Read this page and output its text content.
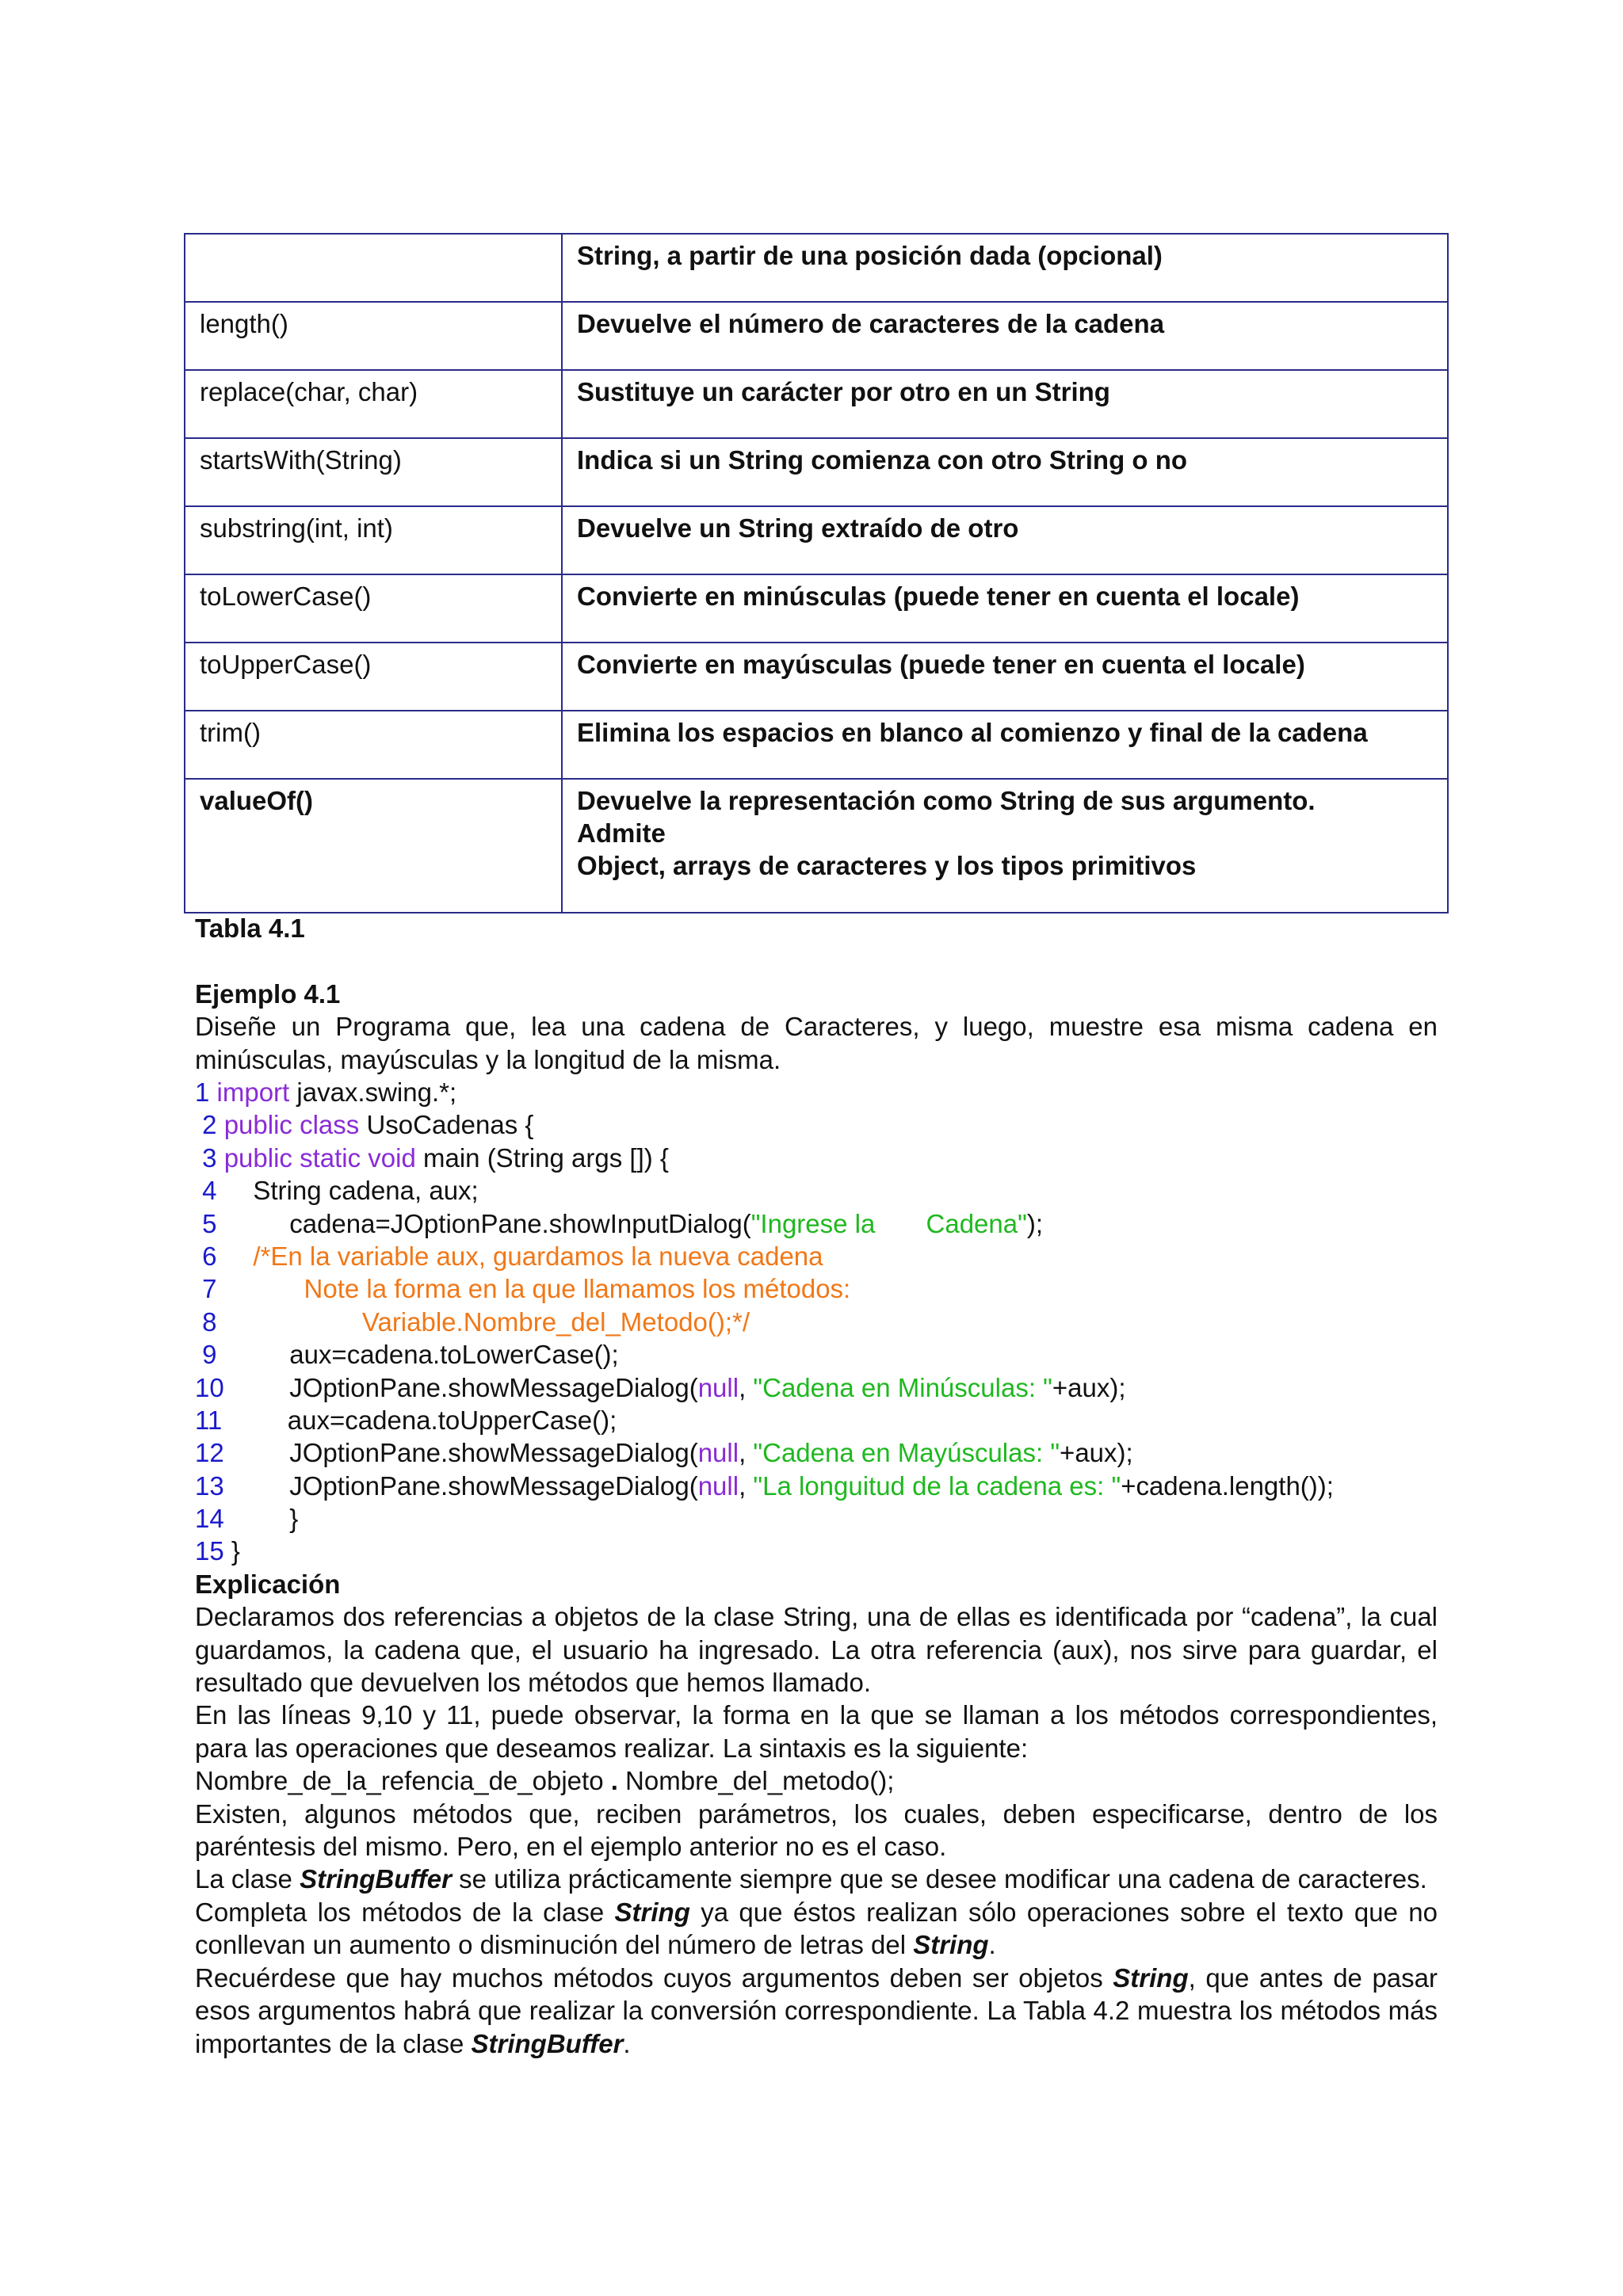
	String, a partir de una posición dada (opcional)

length()	Devuelve el número de caracteres de la cadena

replace(char, char)	Sustituye un carácter por otro en un String

startsWith(String)	Indica si un String comienza con otro String o no

substring(int, int)	Devuelve un String extraído de otro

toLowerCase()	Convierte en minúsculas (puede tener en cuenta el locale)

toUpperCase()	Convierte en mayúsculas (puede tener en cuenta el locale)

trim()	Elimina los espacios en blanco al comienzo y final de la cadena

valueOf()	Devuelve la representación como String de sus argumento.
Admite
Object, arrays de caracteres y los tipos primitivos
Tabla 4.1
Ejemplo 4.1
Diseñe un Programa que, lea una cadena de Caracteres, y luego, muestre esa misma cadena en minúsculas, mayúsculas y la longitud de la misma.
1 import javax.swing.*;
2 public class UsoCadenas {
3 public static void main (String args []) {
4     String cadena, aux;
5          cadena=JOptionPane.showInputDialog("Ingrese la       Cadena");
6     /*En la variable aux, guardamos la nueva cadena
7            Note la forma en la que llamamos los métodos:
8                    Variable.Nombre_del_Metodo();*/
9          aux=cadena.toLowerCase();
10         JOptionPane.showMessageDialog(null, "Cadena en Minúsculas: "+aux);
11         aux=cadena.toUpperCase();
12         JOptionPane.showMessageDialog(null, "Cadena en Mayúsculas: "+aux);
13         JOptionPane.showMessageDialog(null, "La longuitud de la cadena es: "+cadena.length());
14         }
15 }
Explicación
Declaramos dos referencias a objetos de la clase String, una de ellas es identificada por “cadena”, la cual guardamos, la cadena que, el usuario ha ingresado. La otra referencia (aux), nos sirve para guardar, el resultado que devuelven los métodos que hemos llamado.
En las líneas 9,10 y 11, puede observar, la forma en la que se llaman a los métodos correspondientes, para las operaciones que deseamos realizar. La sintaxis es la siguiente:
Nombre_de_la_refencia_de_objeto . Nombre_del_metodo();
Existen, algunos métodos que, reciben parámetros, los cuales, deben especificarse, dentro de los paréntesis del mismo. Pero, en el ejemplo anterior no es el caso.
La clase StringBuffer se utiliza prácticamente siempre que se desee modificar una cadena de caracteres.
Completa los métodos de la clase String ya que éstos realizan sólo operaciones sobre el texto que no conllevan un aumento o disminución del número de letras del String.
Recuérdese que hay muchos métodos cuyos argumentos deben ser objetos String, que antes de pasar esos argumentos habrá que realizar la conversión correspondiente. La Tabla 4.2 muestra los métodos más importantes de la clase StringBuffer.
